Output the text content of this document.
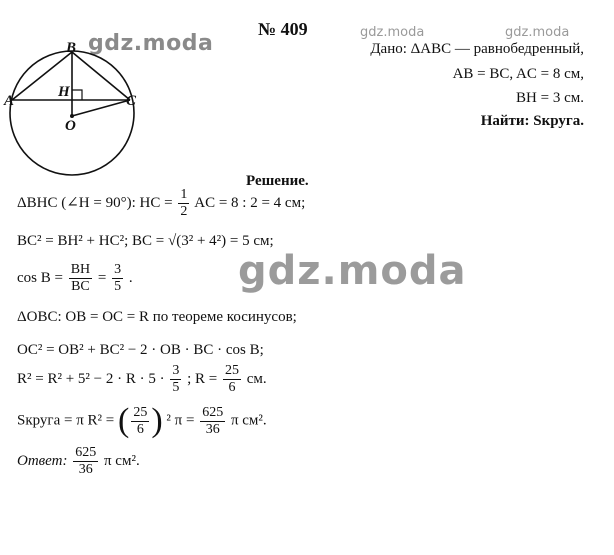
gdz.moda	gdz.moda	gdz.moda
gdz.moda
№ 409
B
A	C
H
O
Дано: ΔABC — равнобедренный,
AB = BC, AC = 8 см,
BH = 3 см.
Найти: Sкруга.
Решение.
ΔBHC (∠H = 90°): HC = $\frac{1}{2}$ AC = 8 : 2 = 4 см;
BC² = BH² + HC²; BC = √(3² + 4²) = 5 см;
$\cos B = \frac{BH}{BC} = \frac{3}{5}$ .
ΔOBC: OB = OC = R по теореме косинусов;
OC² = OB² + BC² − 2 · OB · BC · cos B;
$R^2 = R^2 + 5^2 - 2 \cdot R \cdot 5 \cdot \frac{3}{5}$ ; $R = \frac{25}{6}$ см.
Sкруга = π R² = ( $\frac{25}{6}$ ) ² $\pi = \frac{625}{36}$ π см².
Ответ: $\frac{625}{36}$ π см².
